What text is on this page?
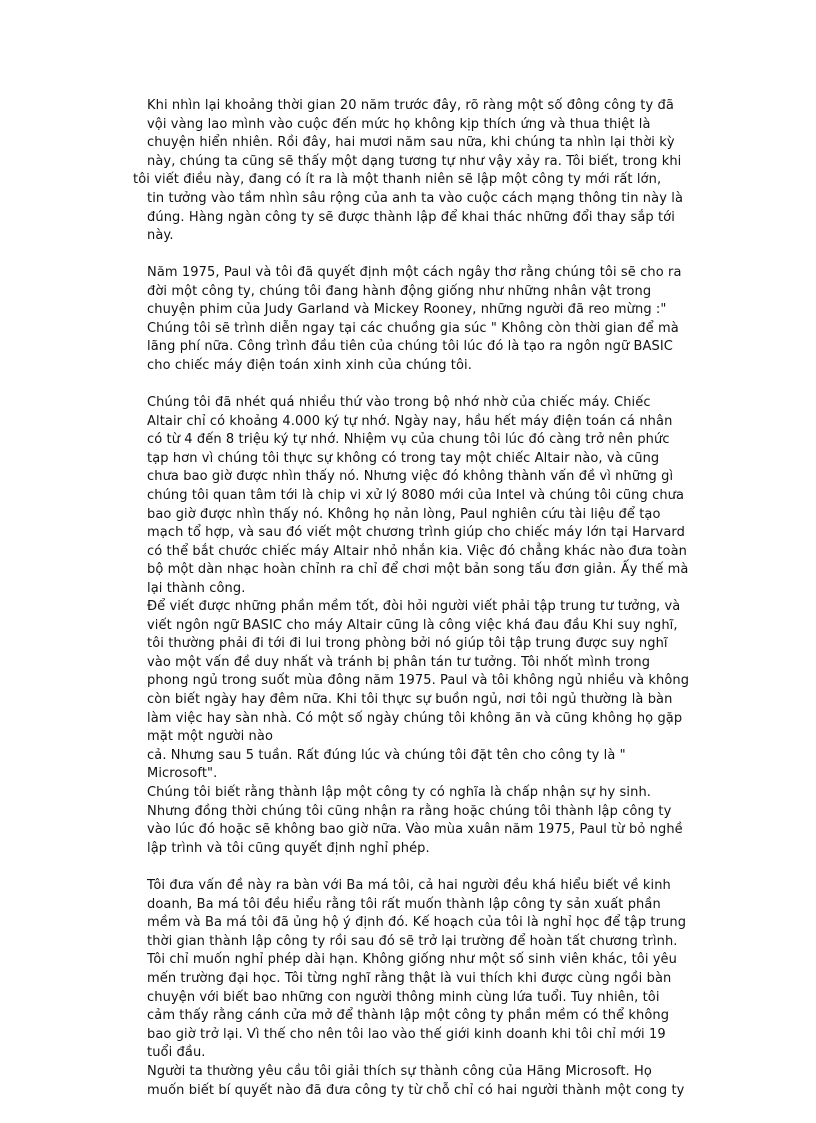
Khi nhìn lại khoảng thời gian 20 năm trước đây, rõ ràng một số đông công ty đã
vội vàng lao mình vào cuộc đến mức họ không kịp thích ứng và thua thiệt là
chuyện hiển nhiên. Rồi đây, hai mươi năm sau nữa, khi chúng ta nhìn lại thời kỳ
này, chúng ta cũng sẽ thấy một dạng tương tự như vậy xảy ra. Tôi biết, trong khi
tôi viết điều này, đang có ít ra là một thanh niên sẽ lập một công ty mới rất lớn,
tin tưởng vào tầm nhìn sâu rộng của anh ta vào cuộc cách mạng thông tin này là
đúng. Hàng ngàn công ty sẽ được thành lập để khai thác những đổi thay sắp tới
này.
Năm 1975, Paul và tôi đã quyết định một cách ngây thơ rằng chúng tôi sẽ cho ra
đời một công ty, chúng tôi đang hành động giống như những nhân vật trong
chuyện phim của Judy Garland và Mickey Rooney, những người đã reo mừng :"
Chúng tôi sẽ trình diễn ngay tại các chuồng gia súc " Không còn thời gian để mà
lãng phí nữa. Công trình đầu tiên của chúng tôi lúc đó là tạo ra ngôn ngữ BASIC
cho chiếc máy điện toán xinh xinh của chúng tôi.
Chúng tôi đã nhét quá nhiều thứ vào trong bộ nhớ nhờ của chiếc máy. Chiếc
Altair chỉ có khoảng 4.000 ký tự nhớ. Ngày nay, hầu hết máy điện toán cá nhân
có từ 4 đến 8 triệu ký tự nhớ. Nhiệm vụ của chung tôi lúc đó càng trở nên phức
tạp hơn vì chúng tôi thực sự không có trong tay một chiếc Altair nào, và cũng
chưa bao giờ được nhìn thấy nó. Nhưng việc đó không thành vấn đề vì những gì
chúng tôi quan tâm tới là chip vi xử lý 8080 mới của Intel và chúng tôi cũng chưa
bao giờ được nhìn thấy nó. Không họ nản lòng, Paul nghiên cứu tài liệu để tạo
mạch tổ hợp, và sau đó viết một chương trình giúp cho chiếc máy lớn tại Harvard
có thể bắt chước chiếc máy Altair nhỏ nhắn kia. Việc đó chẳng khác nào đưa toàn
bộ một dàn nhạc hoàn chỉnh ra chỉ để chơi một bản song tấu đơn giản. Ấy thế mà
lại thành công.
Để viết được những phần mềm tốt, đòi hỏi người viết phải tập trung tư tưởng, và
viết ngôn ngữ BASIC cho máy Altair cũng là công việc khá đau đầu Khi suy nghĩ,
tôi thường phải đi tới đi lui trong phòng bởi nó giúp tôi tập trung được suy nghĩ
vào một vấn đề duy nhất và tránh bị phân tán tư tưởng. Tôi nhốt mình trong
phong ngủ trong suốt mùa đông năm 1975. Paul và tôi không ngủ nhiều và không
còn biết ngày hay đêm nữa. Khi tôi thực sự buồn ngủ, nơi tôi ngủ thường là bàn
làm việc hay sàn nhà. Có một số ngày chúng tôi không ăn và cũng không họ gặp
mặt một người nào
cả. Nhưng sau 5 tuần. Rất đúng lúc và chúng tôi đặt tên cho công ty là "
Microsoft".
Chúng tôi biết rằng thành lập một công ty có nghĩa là chấp nhận sự hy sinh.
Nhưng đồng thời chúng tôi cũng nhận ra rằng hoặc chúng tôi thành lập công ty
vào lúc đó hoặc sẽ không bao giờ nữa. Vào mùa xuân năm 1975, Paul từ bỏ nghề
lập trình và tôi cũng quyết định nghỉ phép.
Tôi đưa vấn đề này ra bàn với Ba má tôi, cả hai người đều khá hiểu biết về kinh
doanh, Ba má tôi đều hiểu rằng tôi rất muốn thành lập công ty sản xuất phần
mềm và Ba má tôi đã ủng hộ ý định đó. Kế hoạch của tôi là nghỉ học để tập trung
thời gian thành lập công ty rồi sau đó sẽ trở lại trường để hoàn tất chương trình.
Tôi chỉ muốn nghỉ phép dài hạn. Không giống như một số sinh viên khác, tôi yêu
mến trường đại học. Tôi từng nghĩ rằng thật là vui thích khi được cùng ngồi bàn
chuyện với biết bao những con người thông minh cùng lứa tuổi. Tuy nhiên, tôi
cảm thấy rằng cánh cửa mở để thành lập một công ty phần mềm có thể không
bao giờ trở lại. Vì thế cho nên tôi lao vào thế giới kinh doanh khi tôi chỉ mới 19
tuổi đầu.
Người ta thường yêu cầu tôi giải thích sự thành công của Hãng Microsoft. Họ
muốn biết bí quyết nào đã đưa công ty từ chỗ chỉ có hai người thành một cong ty
